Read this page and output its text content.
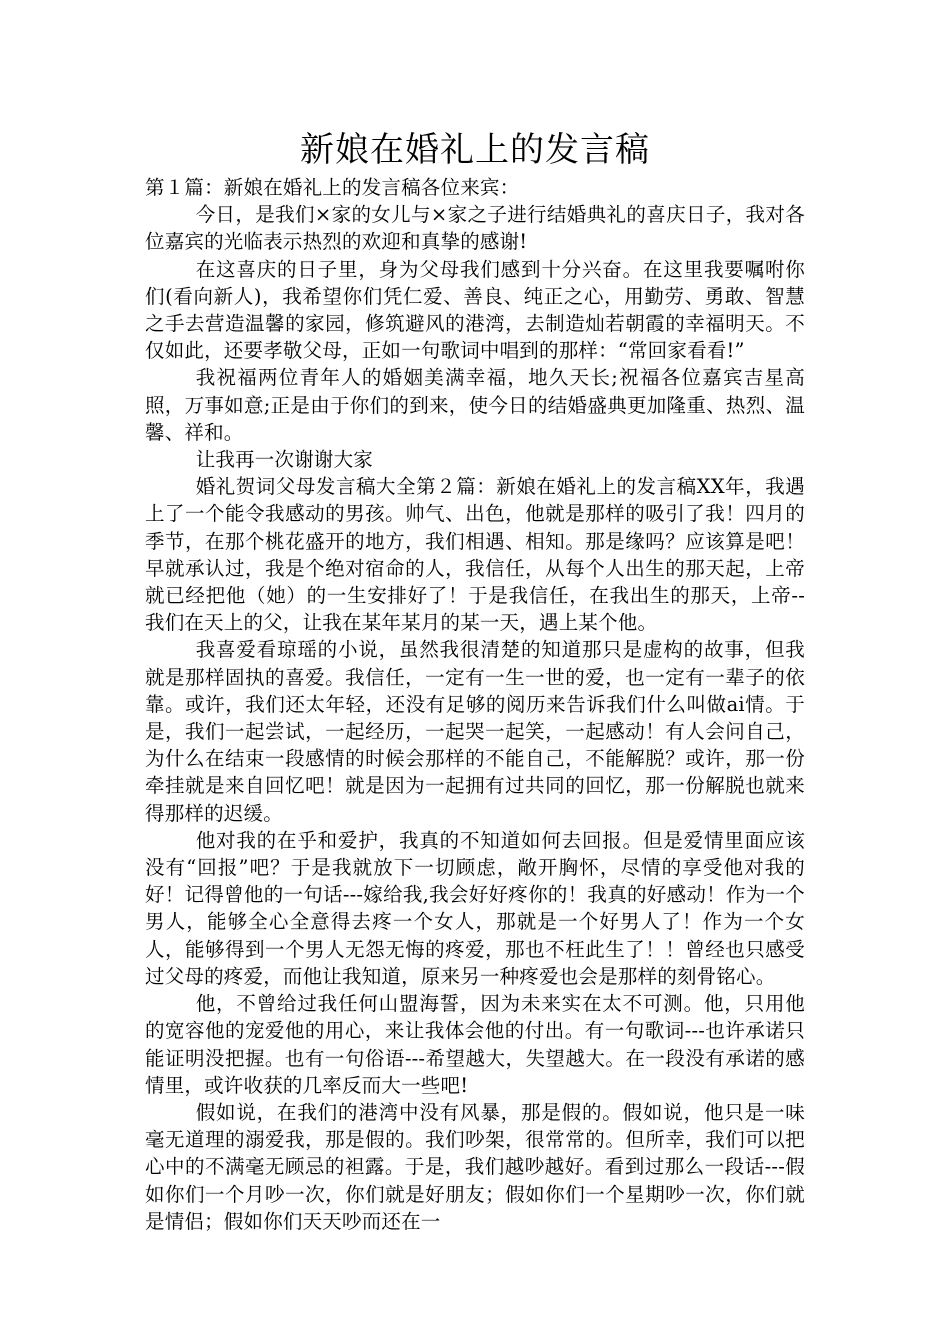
新娘在婚礼上的发言稿

第１篇：新娘在婚礼上的发言稿各位来宾：

今日，是我们×家的女儿与×家之子进行结婚典礼的喜庆日子，我对各位嘉宾的光临表示热烈的欢迎和真挚的感谢!

在这喜庆的日子里，身为父母我们感到十分兴奋。在这里我要嘱咐你们(看向新人)，我希望你们凭仁爱、善良、纯正之心，用勤劳、勇敢、智慧之手去营造温馨的家园，修筑避风的港湾，去制造灿若朝霞的幸福明天。不仅如此，还要孝敬父母，正如一句歌词中唱到的那样：“常回家看看!”

我祝福两位青年人的婚姻美满幸福，地久天长;祝福各位嘉宾吉星高照，万事如意;正是由于你们的到来，使今日的结婚盛典更加隆重、热烈、温馨、祥和。

让我再一次谢谢大家

婚礼贺词父母发言稿大全第２篇：新娘在婚礼上的发言稿XX年，我遇上了一个能令我感动的男孩。帅气、出色，他就是那样的吸引了我！四月的季节，在那个桃花盛开的地方，我们相遇、相知。那是缘吗？应该算是吧！早就承认过，我是个绝对宿命的人，我信任，从每个人出生的那天起，上帝就已经把他（她）的一生安排好了！于是我信任，在我出生的那天，上帝--我们在天上的父，让我在某年某月的某一天，遇上某个他。

我喜爱看琼瑶的小说，虽然我很清楚的知道那只是虚构的故事，但我就是那样固执的喜爱。我信任，一定有一生一世的爱，也一定有一辈子的依靠。或许，我们还太年轻，还没有足够的阅历来告诉我们什么叫做ai情。于是，我们一起尝试，一起经历，一起哭一起笑，一起感动！有人会问自己，为什么在结束一段感情的时候会那样的不能自己，不能解脱？或许，那一份牵挂就是来自回忆吧！就是因为一起拥有过共同的回忆，那一份解脱也就来得那样的迟缓。

他对我的在乎和爱护，我真的不知道如何去回报。但是爱情里面应该没有“回报”吧？于是我就放下一切顾虑，敞开胸怀，尽情的享受他对我的好！记得曾他的一句话---嫁给我,我会好好疼你的！我真的好感动！作为一个男人，能够全心全意得去疼一个女人，那就是一个好男人了！作为一个女人，能够得到一个男人无怨无悔的疼爱，那也不枉此生了！！曾经也只感受过父母的疼爱，而他让我知道，原来另一种疼爱也会是那样的刻骨铭心。

他，不曾给过我任何山盟海誓，因为未来实在太不可测。他，只用他的宽容他的宠爱他的用心，来让我体会他的付出。有一句歌词---也许承诺只能证明没把握。也有一句俗语---希望越大，失望越大。在一段没有承诺的感情里，或许收获的几率反而大一些吧!

假如说，在我们的港湾中没有风暴，那是假的。假如说，他只是一味毫无道理的溺爱我，那是假的。我们吵架，很常常的。但所幸，我们可以把心中的不满毫无顾忌的袒露。于是，我们越吵越好。看到过那么一段话---假如你们一个月吵一次，你们就是好朋友；假如你们一个星期吵一次，你们就是情侣；假如你们天天吵而还在一
